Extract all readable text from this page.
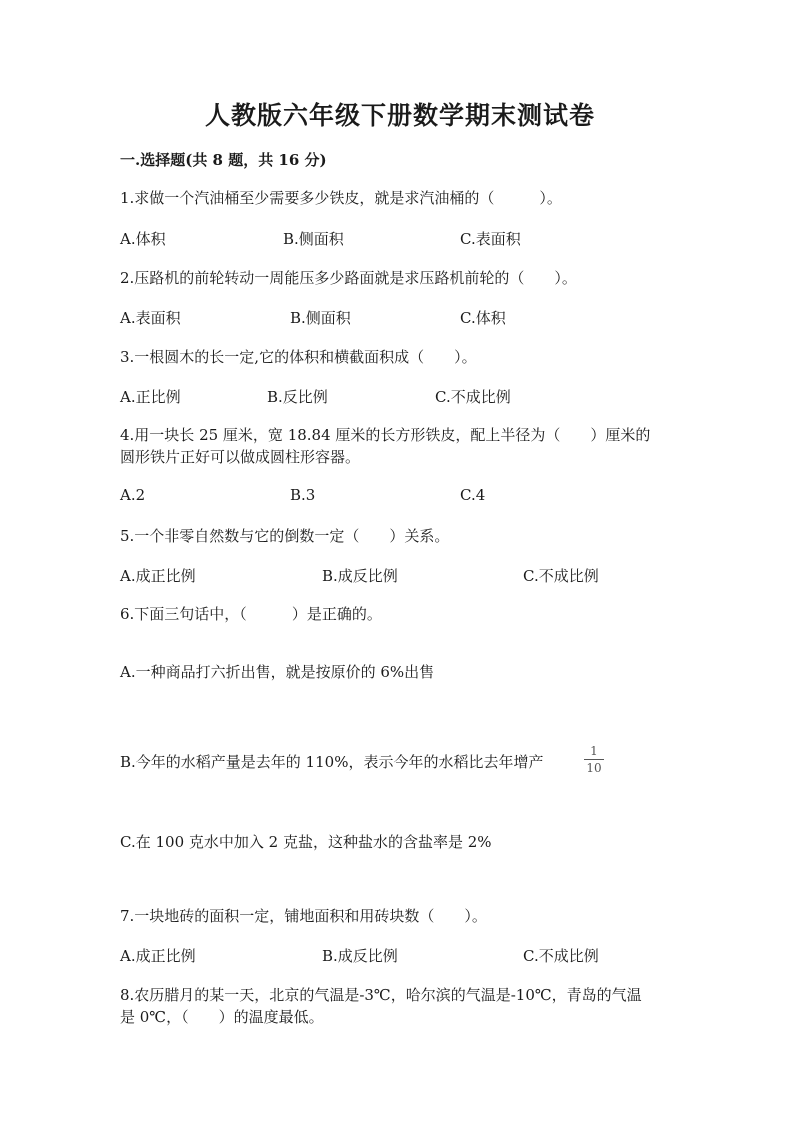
人教版六年级下册数学期末测试卷
一.选择题(共 8 题，共 16 分)
1.求做一个汽油桶至少需要多少铁皮，就是求汽油桶的（　　　）。
A.体积	B.侧面积	C.表面积
2.压路机的前轮转动一周能压多少路面就是求压路机前轮的（　　）。
A.表面积	B.侧面积	C.体积
3.一根圆木的长一定,它的体积和横截面积成（　　）。
A.正比例	B.反比例	C.不成比例
4.用一块长 25 厘米，宽 18.84 厘米的长方形铁皮，配上半径为（　　）厘米的
圆形铁片正好可以做成圆柱形容器。
A.2	B.3	C.4
5.一个非零自然数与它的倒数一定（　　）关系。
A.成正比例	B.成反比例	C.不成比例
6.下面三句话中，（　　　）是正确的。
A.一种商品打六折出售，就是按原价的 6%出售
B.今年的水稻产量是去年的 110%，表示今年的水稻比去年增产
1
10
C.在 100 克水中加入 2 克盐，这种盐水的含盐率是 2%
7.一块地砖的面积一定，铺地面积和用砖块数（　　）。
A.成正比例	B.成反比例	C.不成比例
8.农历腊月的某一天，北京的气温是-3℃，哈尔滨的气温是-10℃，青岛的气温
是 0℃，（　　）的温度最低。
